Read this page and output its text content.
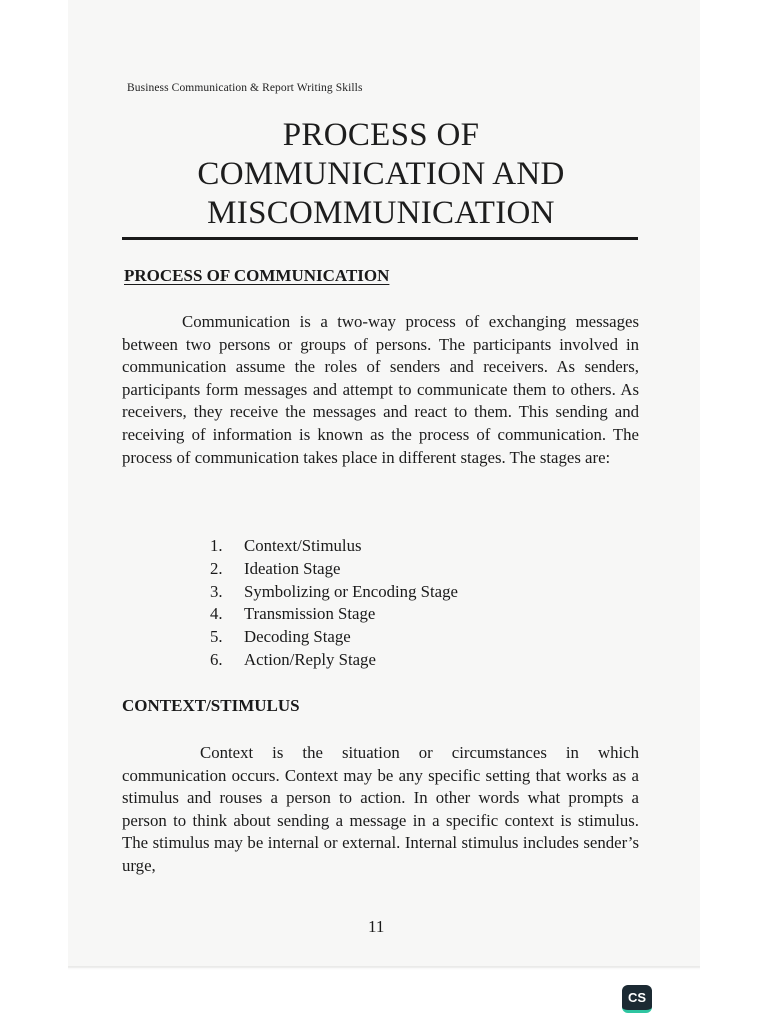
Business Communication & Report Writing Skills
PROCESS OF
COMMUNICATION AND
MISCOMMUNICATION
PROCESS OF COMMUNICATION

Communication is a two-way process of exchanging messages between two persons or groups of persons. The participants involved in communication assume the roles of senders and receivers. As senders, participants form messages and attempt to communicate them to others. As receivers, they receive the messages and react to them. This sending and receiving of information is known as the process of communication. The process of communication takes place in different stages. The stages are:

1.	Context/Stimulus
2.	Ideation Stage
3.	Symbolizing or Encoding Stage
4.	Transmission Stage
5.	Decoding Stage
6.	Action/Reply Stage
CONTEXT/STIMULUS

Context is the situation or circumstances in which communication occurs. Context may be any specific setting that works as a stimulus and rouses a person to action. In other words what prompts a person to think about sending a message in a specific context is stimulus. The stimulus may be internal or external. Internal stimulus includes sender’s urge,

11
CS
